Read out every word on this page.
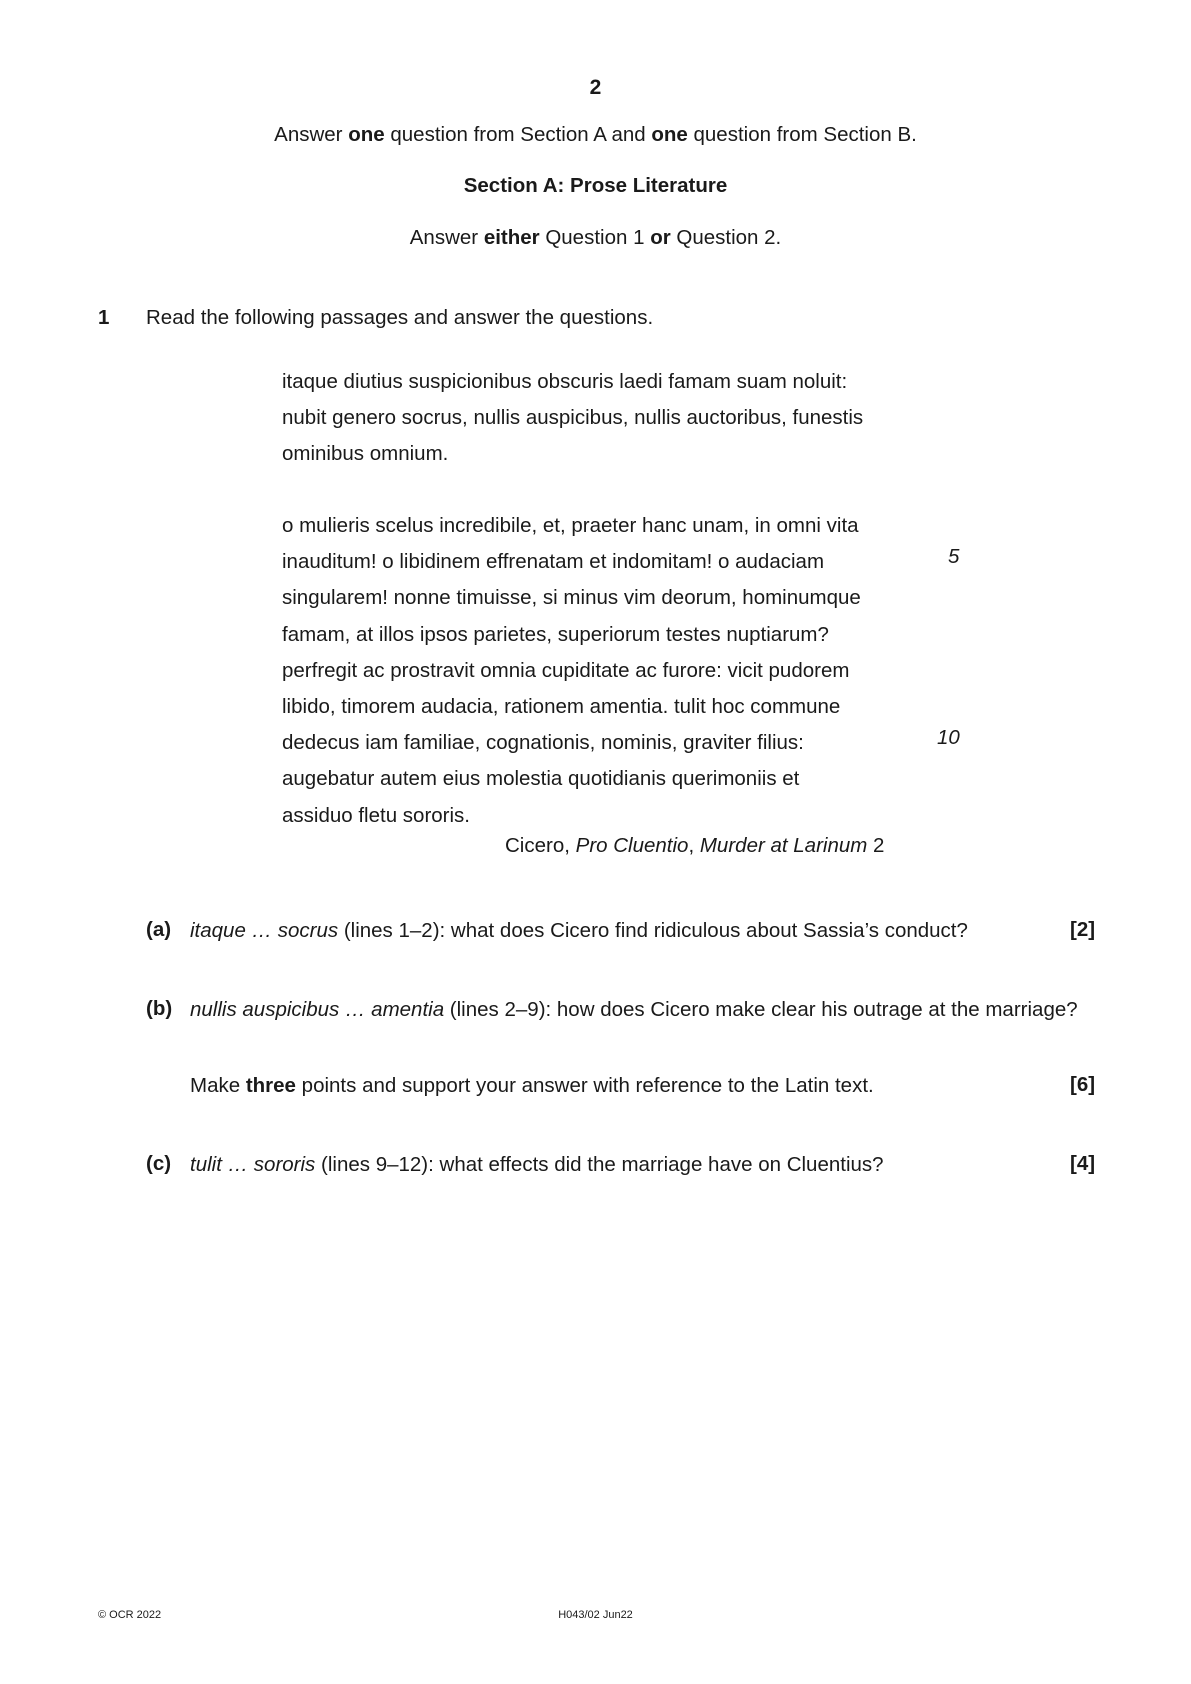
2
Answer one question from Section A and one question from Section B.
Section A: Prose Literature
Answer either Question 1 or Question 2.
1 Read the following passages and answer the questions.
itaque diutius suspicionibus obscuris laedi famam suam noluit:
nubit genero socrus, nullis auspicibus, nullis auctoribus, funestis
ominibus omnium.
o mulieris scelus incredibile, et, praeter hanc unam, in omni vita
inauditum! o libidinem effrenatam et indomitam! o audaciam
singularem! nonne timuisse, si minus vim deorum, hominumque
famam, at illos ipsos parietes, superiorum testes nuptiarum?
perfregit ac prostravit omnia cupiditate ac furore: vicit pudorem
libido, timorem audacia, rationem amentia. tulit hoc commune
dedecus iam familiae, cognationis, nominis, graviter filius:
augebatur autem eius molestia quotidianis querimoniis et
assiduo fletu sororis.
5
10
Cicero, Pro Cluentio, Murder at Larinum 2
(a) itaque … socrus (lines 1–2): what does Cicero find ridiculous about Sassia’s conduct?	[2]
(b) nullis auspicibus … amentia (lines 2–9): how does Cicero make clear his outrage at the marriage?
Make three points and support your answer with reference to the Latin text.	[6]
(c) tulit … sororis (lines 9–12): what effects did the marriage have on Cluentius?	[4]
© OCR 2022	H043/02 Jun22
